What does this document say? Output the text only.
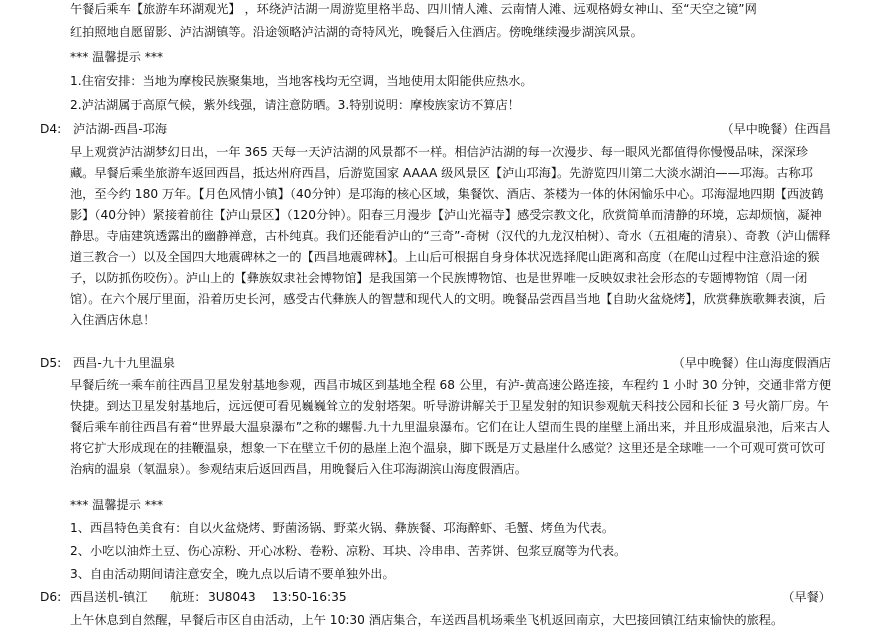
午餐后乘车【旅游车环湖观光】 ，环绕泸沽湖一周游览里格半岛、四川情人滩、云南情人滩、远观格姆女神山、至“天空之镜”网
红拍照地自愿留影、泸沽湖镇等。沿途领略泸沽湖的奇特风光，晚餐后入住酒店。傍晚继续漫步湖滨风景。
*** 温馨提示 ***
1.住宿安排：当地为摩梭民族聚集地，当地客栈均无空调，当地使用太阳能供应热水。
2.泸沽湖属于高原气候，紫外线强，请注意防晒。3.特别说明：摩梭族家访不算店！
D4: 泸沽湖-西昌-邛海	（早中晚餐）住西昌
早上观赏泸沽湖梦幻日出，一年 365 天每一天泸沽湖的风景都不一样。相信泸沽湖的每一次漫步、每一眼风光都值得你慢慢品味，深深珍藏。早餐后乘坐旅游车返回西昌，抵达州府西昌，后游览国家 AAAA 级风景区【泸山邛海】。先游览四川第二大淡水湖泊——邛海。古称邛池，至今约 180 万年。【月色风情小镇】（40分钟）是邛海的核心区域，集餐饮、酒店、茶楼为一体的休闲愉乐中心。邛海湿地四期【西波鹤影】（40分钟）紧接着前往【泸山景区】（120分钟）。阳春三月漫步【泸山光福寺】感受宗教文化，欣赏简单而清静的环境，忘却烦恼，凝神静思。寺庙建筑透露出的幽静禅意，古朴纯真。我们还能看泸山的“三奇”-奇树（汉代的九龙汉柏树）、奇水（五祖庵的清泉）、奇教（泸山儒释道三教合一）以及全国四大地震碑林之一的【西昌地震碑林】。上山后可根据自身身体状况选择爬山距离和高度（在爬山过程中注意沿途的猴子，以防抓伤咬伤）。泸山上的【彝族奴隶社会博物馆】是我国第一个民族博物馆、也是世界唯一反映奴隶社会形态的专题博物馆（周一闭馆）。在六个展厅里面，沿着历史长河，感受古代彝族人的智慧和现代人的文明。晚餐品尝西昌当地【自助火盆烧烤】，欣赏彝族歌舞表演，后入住酒店休息！
D5: 西昌-九十九里温泉	（早中晚餐）住山海度假酒店
早餐后统一乘车前往西昌卫星发射基地参观，西昌市城区到基地全程 68 公里，有泸-黄高速公路连接，车程约 1 小时 30 分钟，交通非常方便快捷。到达卫星发射基地后，远远便可看见巍巍耸立的发射塔架。听导游讲解关于卫星发射的知识参观航天科技公园和长征 3 号火箭厂房。午餐后乘车前往西昌有着“世界最大温泉瀑布”之称的螺髻.九十九里温泉瀑布。它们在让人望而生畏的崖壁上涌出来，并且形成温泉池，后来古人将它扩大形成现在的挂鞭温泉，想象一下在壁立千仞的悬崖上泡个温泉，脚下既是万丈悬崖什么感觉？这里还是全球唯一一个可观可赏可饮可治病的温泉（氡温泉）。参观结束后返回西昌，用晚餐后入住邛海湖滨山海度假酒店。
*** 温馨提示 ***
1、西昌特色美食有：自以火盆烧烤、野菌汤锅、野菜火锅、彝族餐、邛海醉虾、毛蟹、烤鱼为代表。
2、小吃以油炸土豆、伤心凉粉、开心冰粉、卷粉、凉粉、耳块、冷串串、苦荞饼、包浆豆腐等为代表。
3、自由活动期间请注意安全，晚九点以后请不要单独外出。
D6: 西昌送机-镇江 航班： 3U8043 13:50-16:35	（早餐）
上午休息到自然醒，早餐后市区自由活动，上午 10:30 酒店集合，车送西昌机场乘坐飞机返回南京，大巴接回镇江结束愉快的旅程。
